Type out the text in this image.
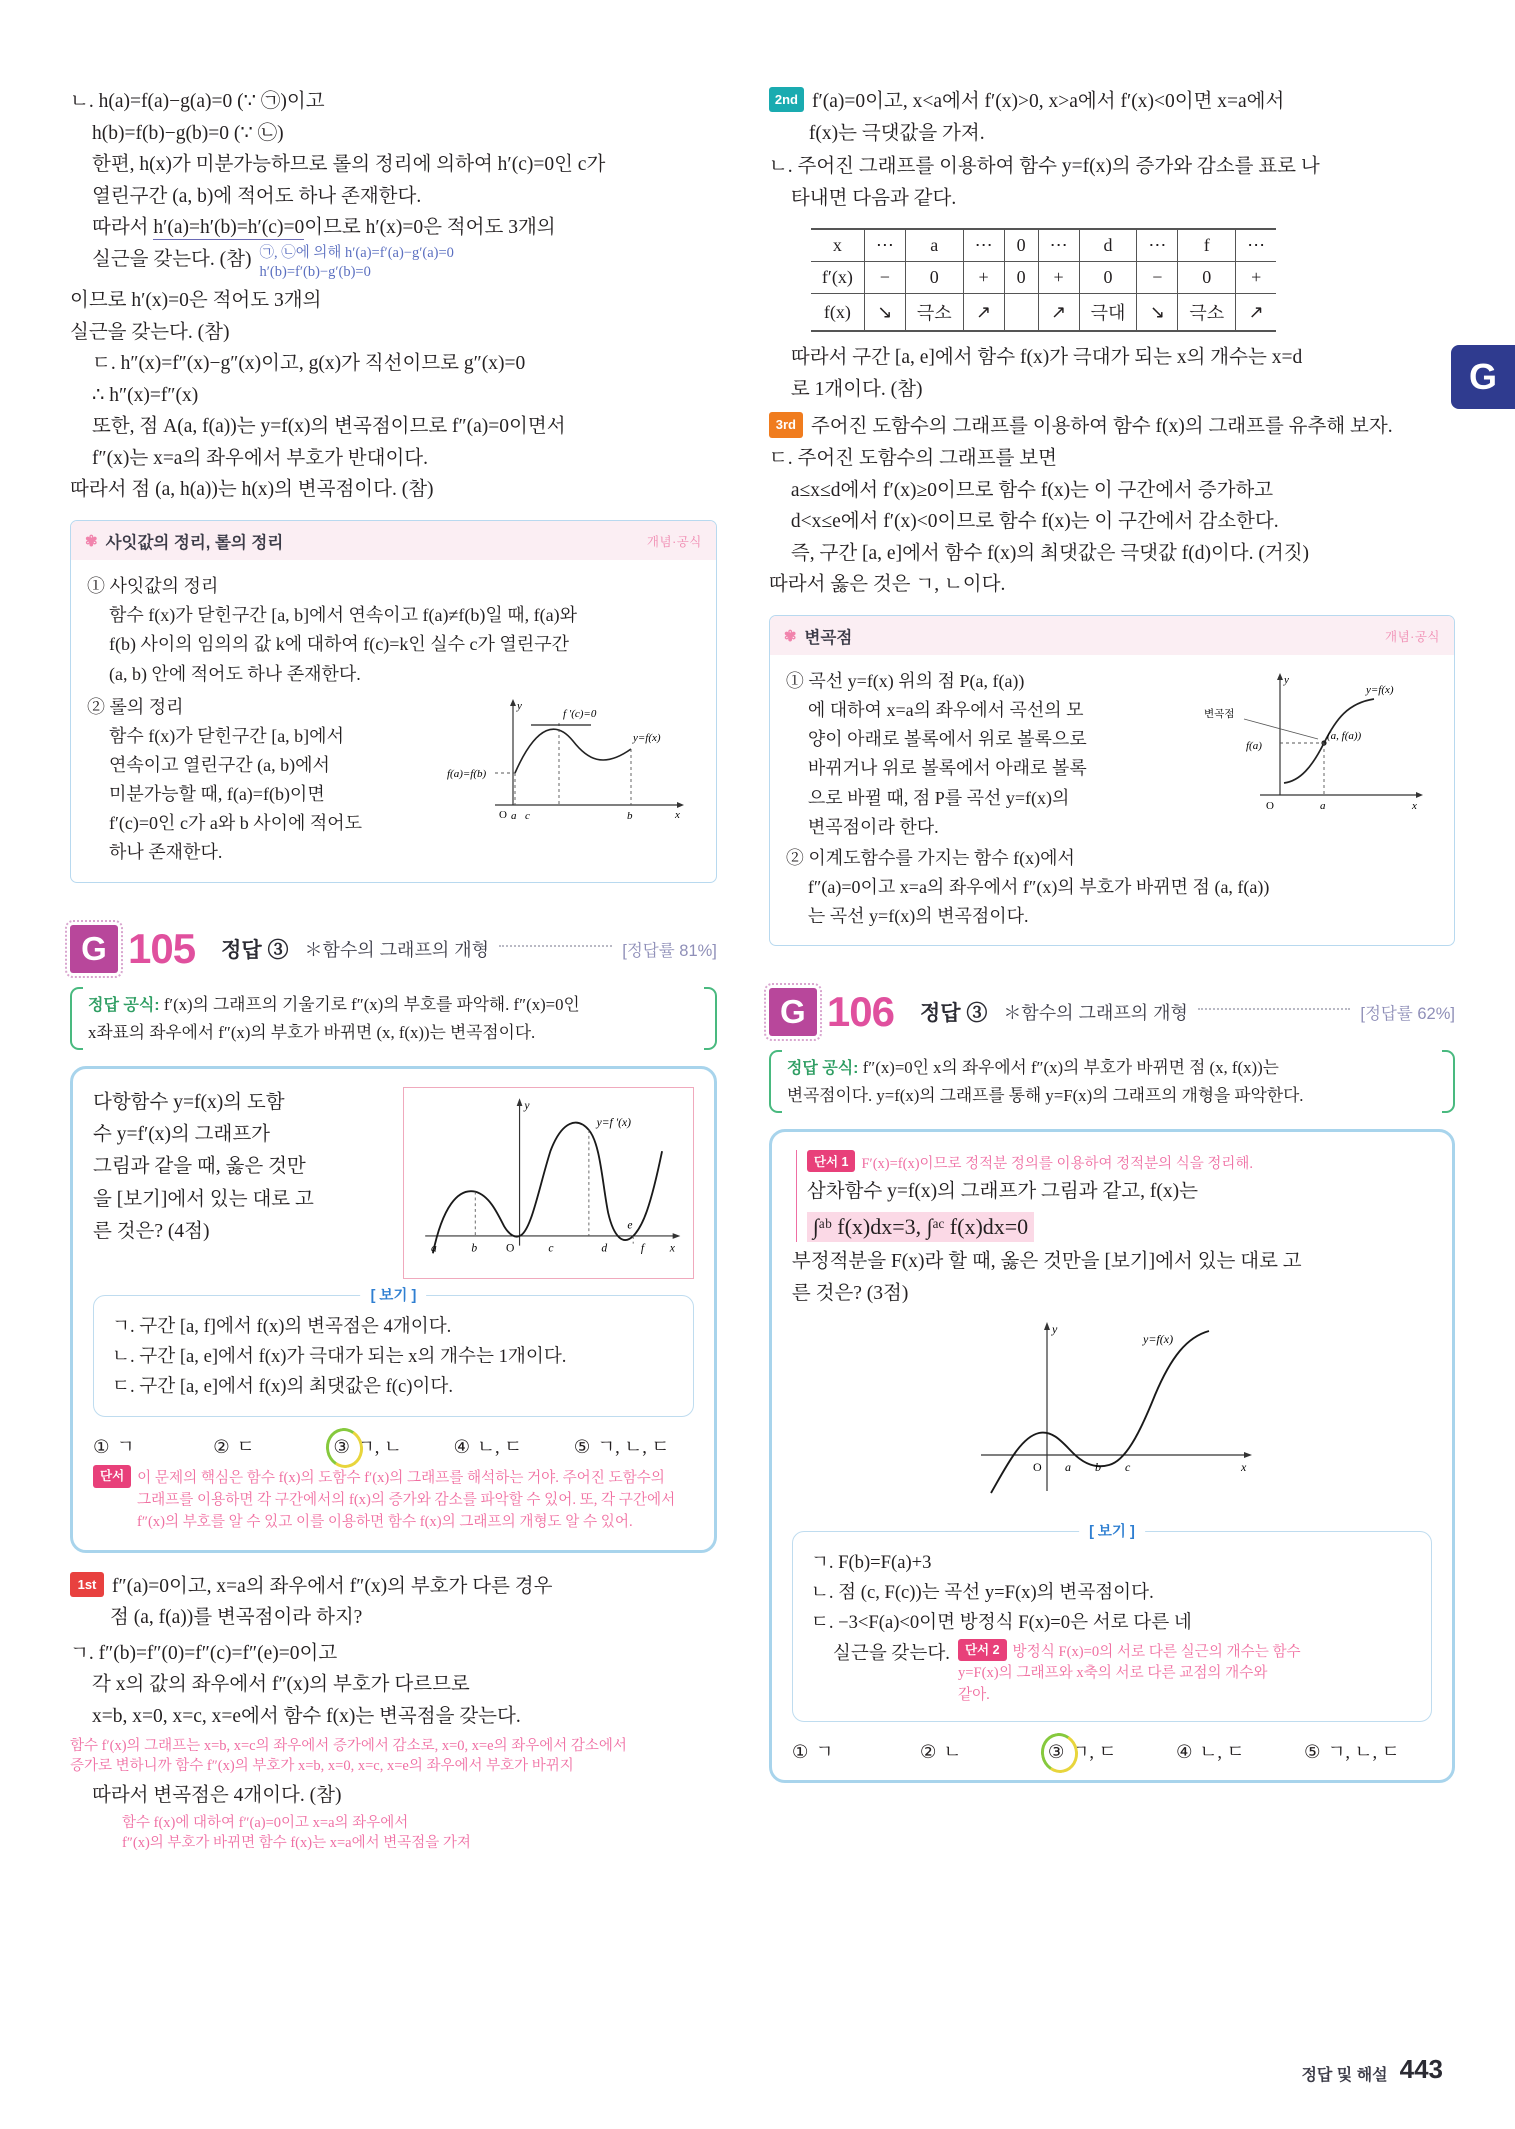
G
ㄴ. h(a)=f(a)−g(a)=0 (∵ ㉠)이고
h(b)=f(b)−g(b)=0 (∵ ㉡)
한편, h(x)가 미분가능하므로 롤의 정리에 의하여 h′(c)=0인 c가
열린구간 (a, b)에 적어도 하나 존재한다.
따라서 h′(a)=h′(b)=h′(c)=0이므로 h′(x)=0은 적어도 3개의
실근을 갖는다. (참) ㉠, ㉡에 의해 h′(a)=f′(a)−g′(a)=0
h′(b)=f′(b)−g′(b)=0
이므로 h′(x)=0은 적어도 3개의
실근을 갖는다. (참)
ㄷ. h″(x)=f″(x)−g″(x)이고, g(x)가 직선이므로 g″(x)=0
∴ h″(x)=f″(x)
또한, 점 A(a, f(a))는 y=f(x)의 변곡점이므로 f″(a)=0이면서
f″(x)는 x=a의 좌우에서 부호가 반대이다.
따라서 점 (a, h(a))는 h(x)의 변곡점이다. (참)
✾ 사잇값의 정리, 롤의 정리	개념·공식
① 사잇값의 정리
함수 f(x)가 닫힌구간 [a, b]에서 연속이고 f(a)≠f(b)일 때, f(a)와
f(b) 사이의 임의의 값 k에 대하여 f(c)=k인 실수 c가 열린구간
(a, b) 안에 적어도 하나 존재한다.
② 롤의 정리
함수 f(x)가 닫힌구간 [a, b]에서
연속이고 열린구간 (a, b)에서
미분가능할 때, f(a)=f(b)이면
f′(c)=0인 c가 a와 b 사이에 적어도
하나 존재한다.
y
x
O
f ′(c)=0
y=f(x)
f(a)=f(b)
a c	b
G 105 정답 ③ ＊함수의 그래프의 개형	[정답률 81%]
정답 공식: f′(x)의 그래프의 기울기로 f″(x)의 부호를 파악해. f″(x)=0인
x좌표의 좌우에서 f″(x)의 부호가 바뀌면 (x, f(x))는 변곡점이다.
다항함수 y=f(x)의 도함
수 y=f′(x)의 그래프가
그림과 같을 때, 옳은 것만
을 [보기]에서 있는 대로 고
른 것은? (4점)
y
x
O
y=f ′(x)
a	b	c	d
e
f
[ 보기 ]
ㄱ. 구간 [a, f]에서 f(x)의 변곡점은 4개이다.
ㄴ. 구간 [a, e]에서 f(x)가 극대가 되는 x의 개수는 1개이다.
ㄷ. 구간 [a, e]에서 f(x)의 최댓값은 f(c)이다.
① ㄱ	② ㄷ	③ ㄱ, ㄴ	④ ㄴ, ㄷ	⑤ ㄱ, ㄴ, ㄷ
단서 이 문제의 핵심은 함수 f(x)의 도함수 f′(x)의 그래프를 해석하는 거야. 주어진 도함수의
그래프를 이용하면 각 구간에서의 f(x)의 증가와 감소를 파악할 수 있어. 또, 각 구간에서
f″(x)의 부호를 알 수 있고 이를 이용하면 함수 f(x)의 그래프의 개형도 알 수 있어.
1st f″(a)=0이고, x=a의 좌우에서 f″(x)의 부호가 다른 경우
점 (a, f(a))를 변곡점이라 하지?
ㄱ. f″(b)=f″(0)=f″(c)=f″(e)=0이고
각 x의 값의 좌우에서 f″(x)의 부호가 다르므로
x=b, x=0, x=c, x=e에서 함수 f(x)는 변곡점을 갖는다.
함수 f′(x)의 그래프는 x=b, x=c의 좌우에서 증가에서 감소로, x=0, x=e의 좌우에서 감소에서
증가로 변하니까 함수 f″(x)의 부호가 x=b, x=0, x=c, x=e의 좌우에서 부호가 바뀌지
따라서 변곡점은 4개이다. (참)
함수 f(x)에 대하여 f″(a)=0이고 x=a의 좌우에서
f″(x)의 부호가 바뀌면 함수 f(x)는 x=a에서 변곡점을 가져
2nd f′(a)=0이고, x<a에서 f′(x)>0, x>a에서 f′(x)<0이면 x=a에서
f(x)는 극댓값을 가져.
ㄴ. 주어진 그래프를 이용하여 함수 y=f(x)의 증가와 감소를 표로 나
타내면 다음과 같다.
x	⋯	a	⋯	0	⋯	d	⋯	f	⋯
f′(x)	−	0	+	0	+	0	−	0	+
f(x)	↘	극소	↗		↗	극대	↘	극소	↗
따라서 구간 [a, e]에서 함수 f(x)가 극대가 되는 x의 개수는 x=d
로 1개이다. (참)
3rd 주어진 도함수의 그래프를 이용하여 함수 f(x)의 그래프를 유추해 보자.
ㄷ. 주어진 도함수의 그래프를 보면
a≤x≤d에서 f′(x)≥0이므로 함수 f(x)는 이 구간에서 증가하고
d<x≤e에서 f′(x)<0이므로 함수 f(x)는 이 구간에서 감소한다.
즉, 구간 [a, e]에서 함수 f(x)의 최댓값은 극댓값 f(d)이다. (거짓)
따라서 옳은 것은 ㄱ, ㄴ이다.
✾ 변곡점	개념·공식
① 곡선 y=f(x) 위의 점 P(a, f(a))
에 대하여 x=a의 좌우에서 곡선의 모
양이 아래로 볼록에서 위로 볼록으로
바뀌거나 위로 볼록에서 아래로 볼록
으로 바뀔 때, 점 P를 곡선 y=f(x)의
변곡점이라 한다.
y
x
O
변곡점
f(a)
(a, f(a))
y=f(x)
a
② 이계도함수를 가지는 함수 f(x)에서
f″(a)=0이고 x=a의 좌우에서 f″(x)의 부호가 바뀌면 점 (a, f(a))
는 곡선 y=f(x)의 변곡점이다.
G 106 정답 ③ ＊함수의 그래프의 개형	[정답률 62%]
정답 공식: f″(x)=0인 x의 좌우에서 f″(x)의 부호가 바뀌면 점 (x, f(x))는
변곡점이다. y=f(x)의 그래프를 통해 y=F(x)의 그래프의 개형을 파악한다.
단서 1 F′(x)=f(x)이므로 정적분 정의를 이용하여 정적분의 식을 정리해.
삼차함수 y=f(x)의 그래프가 그림과 같고, f(x)는
∫ᵃᵇ f(x)dx=3, ∫ᵃᶜ f(x)dx=0
부정적분을 F(x)라 할 때, 옳은 것만을 [보기]에서 있는 대로 고
른 것은? (3점)
y
x
O
y=f(x)
a b c
[ 보기 ]
ㄱ. F(b)=F(a)+3
ㄴ. 점 (c, F(c))는 곡선 y=F(x)의 변곡점이다.
ㄷ. −3<F(a)<0이면 방정식 F(x)=0은 서로 다른 네
실근을 갖는다.	단서 2 방정식 F(x)=0의 서로 다른 실근의 개수는 함수
y=F(x)의 그래프와 x축의 서로 다른 교점의 개수와
같아.
① ㄱ	② ㄴ	③ ㄱ, ㄷ	④ ㄴ, ㄷ	⑤ ㄱ, ㄴ, ㄷ
정답 및 해설 443
